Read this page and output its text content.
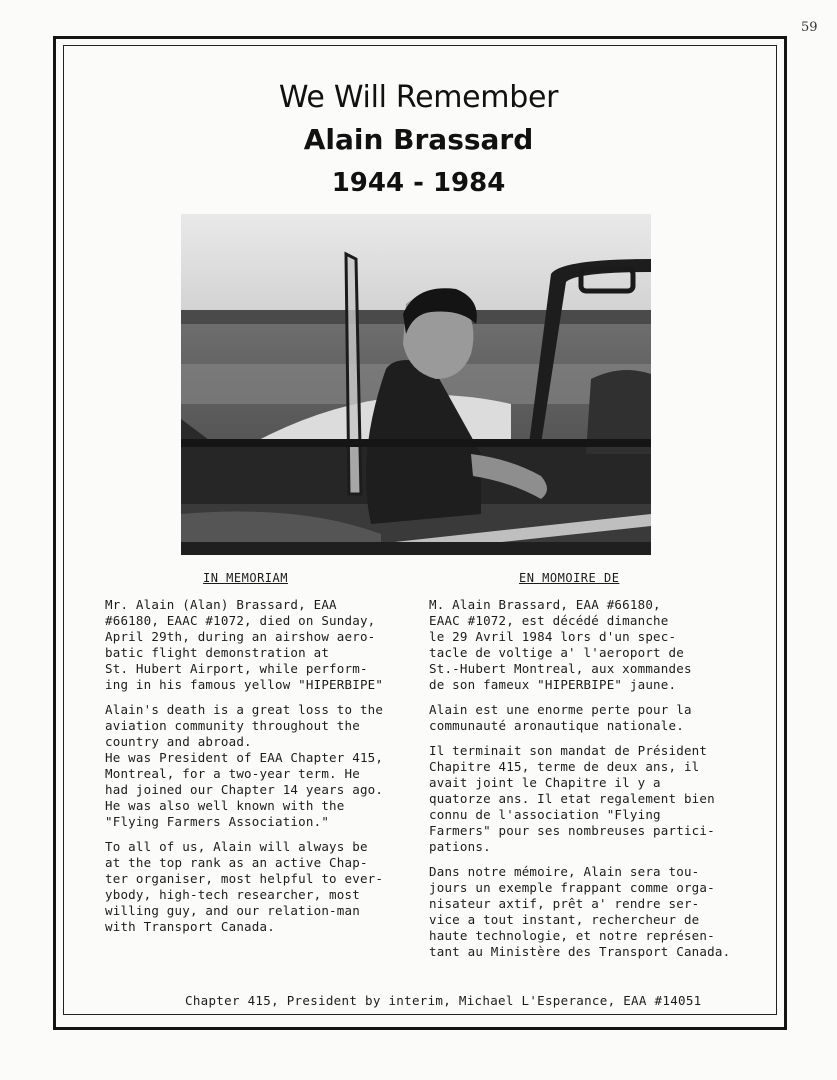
59
We Will Remember
Alain Brassard
1944 - 1984
IN MEMORIAM	EN MOMOIRE DE

Mr. Alain (Alan) Brassard, EAA
#66180, EAAC #1072, died on Sunday,
April 29th, during an airshow aero-
batic flight demonstration at
St. Hubert Airport, while perform-
ing in his famous yellow "HIPERBIPE"

Alain's death is a great loss to the
aviation community throughout the
country and abroad.

He was President of EAA Chapter 415,
Montreal, for a two-year term. He
had joined our Chapter 14 years ago.
He was also well known with the
"Flying Farmers Association."

To all of us, Alain will always be
at the top rank as an active Chap-
ter organiser, most helpful to ever-
ybody, high-tech researcher, most
willing guy, and our relation-man
with Transport Canada.

M. Alain Brassard, EAA #66180,
EAAC #1072, est décédé dimanche
le 29 Avril 1984 lors d'un spec-
tacle de voltige a' l'aeroport de
St.-Hubert Montreal, aux xommandes
de son fameux "HIPERBIPE" jaune.

Alain est une enorme perte pour la
communauté aronautique nationale.

Il terminait son mandat de Président
Chapitre 415, terme de deux ans, il
avait joint le Chapitre il y a
quatorze ans. Il etat regalement bien
connu de l'association "Flying
Farmers" pour ses nombreuses partici-
pations.

Dans notre mémoire, Alain sera tou-
jours un exemple frappant comme orga-
nisateur axtif, prêt a' rendre ser-
vice a tout instant, rechercheur de
haute technologie, et notre représen-
tant au Ministère des Transport Canada.

Chapter 415, President by interim, Michael L'Esperance, EAA #14051
